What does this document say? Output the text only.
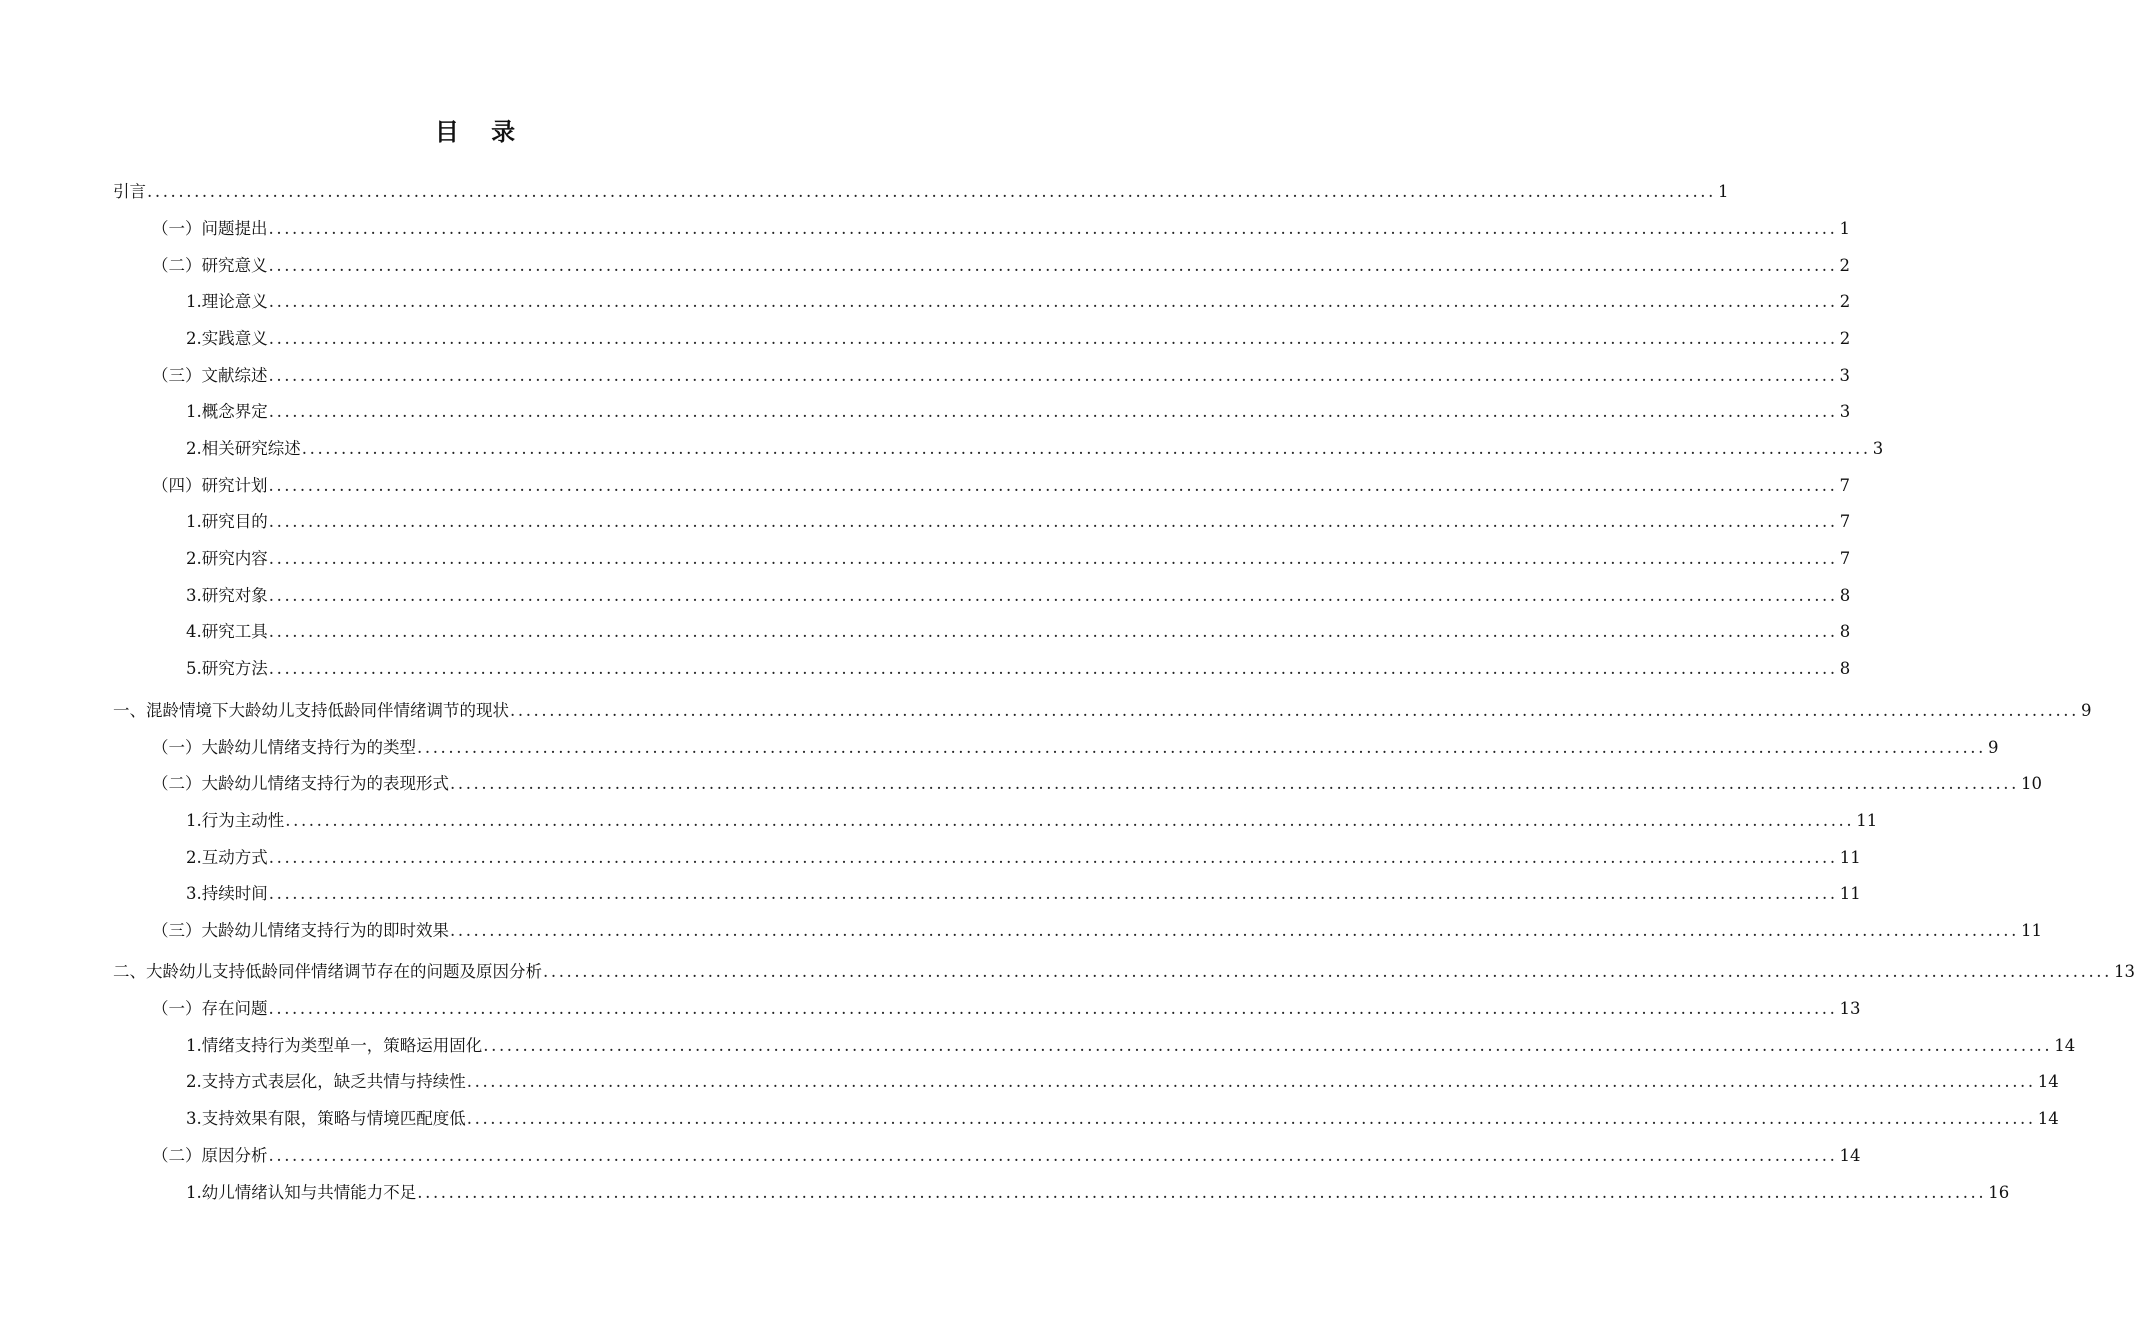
目 录
引言 ........................................................................................................................................................................................................ 1
（一）问题提出 ........................................................................................................................................................................................................ 1
（二）研究意义 ........................................................................................................................................................................................................ 2
1.理论意义 ........................................................................................................................................................................................................ 2
2.实践意义 ........................................................................................................................................................................................................ 2
（三）文献综述 ........................................................................................................................................................................................................ 3
1.概念界定 ........................................................................................................................................................................................................ 3
2.相关研究综述 ........................................................................................................................................................................................................ 3
（四）研究计划 ........................................................................................................................................................................................................ 7
1.研究目的 ........................................................................................................................................................................................................ 7
2.研究内容 ........................................................................................................................................................................................................ 7
3.研究对象 ........................................................................................................................................................................................................ 8
4.研究工具 ........................................................................................................................................................................................................ 8
5.研究方法 ........................................................................................................................................................................................................ 8
一、混龄情境下大龄幼儿支持低龄同伴情绪调节的现状 ........................................................................................................................................................................................................ 9
（一）大龄幼儿情绪支持行为的类型 ........................................................................................................................................................................................................ 9
（二）大龄幼儿情绪支持行为的表现形式 ........................................................................................................................................................................................................ 10
1.行为主动性 ........................................................................................................................................................................................................ 11
2.互动方式 ........................................................................................................................................................................................................ 11
3.持续时间 ........................................................................................................................................................................................................ 11
（三）大龄幼儿情绪支持行为的即时效果 ........................................................................................................................................................................................................ 11
二、大龄幼儿支持低龄同伴情绪调节存在的问题及原因分析 ........................................................................................................................................................................................................ 13
（一）存在问题 ........................................................................................................................................................................................................ 13
1.情绪支持行为类型单一，策略运用固化 ........................................................................................................................................................................................................ 14
2.支持方式表层化，缺乏共情与持续性 ........................................................................................................................................................................................................ 14
3.支持效果有限，策略与情境匹配度低 ........................................................................................................................................................................................................ 14
（二）原因分析 ........................................................................................................................................................................................................ 14
1.幼儿情绪认知与共情能力不足 ........................................................................................................................................................................................................ 16
